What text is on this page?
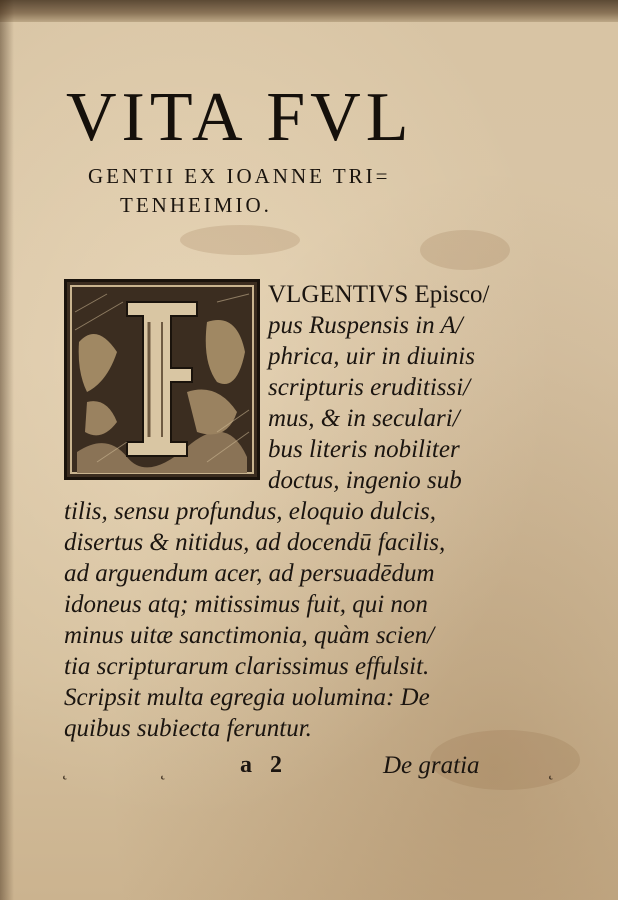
VITA FVL
GENTII EX IOANNE TRI=
TENHEIMIO.
VLGENTIVS Episco/
pus Ruspensis in A/
phrica, uir in diuinis
scripturis eruditissi/
mus, & in seculari/
bus literis nobiliter
doctus, ingenio sub
tilis, sensu profundus, eloquio dulcis,
disertus & nitidus, ad docendū facilis,
ad arguendum acer, ad persuadēdum
idoneus atq; mitissimus fuit, qui non
minus uitæ sanctimonia, quàm scien/
tia scripturarum clarissimus effulsit.
Scripsit multa egregia uolumina: De
quibus subiecta feruntur.
˛	˛	˛
a 2	De gratia
